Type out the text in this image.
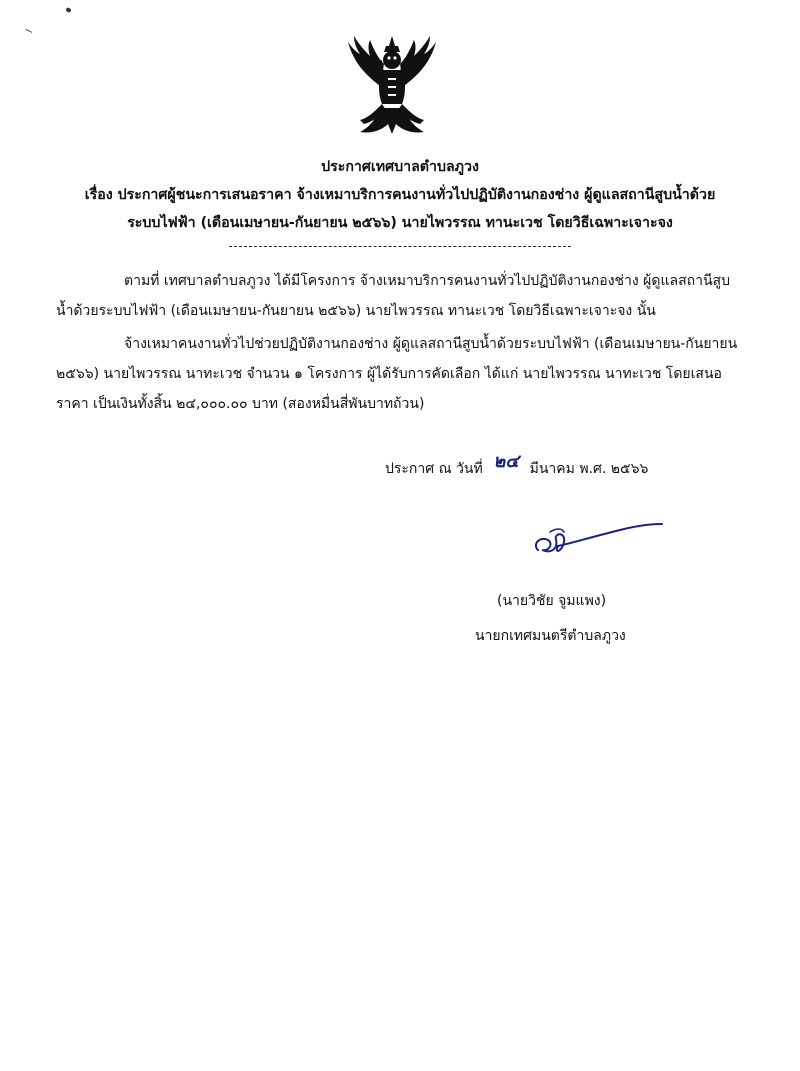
ประกาศเทศบาลตำบลภูวง
เรื่อง ประกาศผู้ชนะการเสนอราคา จ้างเหมาบริการคนงานทั่วไปปฏิบัติงานกองช่าง ผู้ดูแลสถานีสูบน้ำด้วย
ระบบไฟฟ้า (เดือนเมษายน-กันยายน ๒๕๖๖) นายไพวรรณ ทานะเวช โดยวิธีเฉพาะเจาะจง
ตามที่ เทศบาลตำบลภูวง ได้มีโครงการ จ้างเหมาบริการคนงานทั่วไปปฏิบัติงานกองช่าง ผู้ดูแลสถานีสูบ
น้ำด้วยระบบไฟฟ้า (เดือนเมษายน-กันยายน ๒๕๖๖) นายไพวรรณ ทานะเวช โดยวิธีเฉพาะเจาะจง นั้น
จ้างเหมาคนงานทั่วไปช่วยปฏิบัติงานกองช่าง ผู้ดูแลสถานีสูบน้ำด้วยระบบไฟฟ้า (เดือนเมษายน-กันยายน
๒๕๖๖) นายไพวรรณ นาทะเวช จำนวน ๑ โครงการ ผู้ได้รับการคัดเลือก ได้แก่ นายไพวรรณ นาทะเวช โดยเสนอ
ราคา เป็นเงินทั้งสิ้น ๒๔,๐๐๐.๐๐ บาท (สองหมื่นสี่พันบาทถ้วน)
ประกาศ ณ วันที่ ๒๔ มีนาคม พ.ศ. ๒๕๖๖
(นายวิชัย จูมแพง)
นายกเทศมนตรีตำบลภูวง
